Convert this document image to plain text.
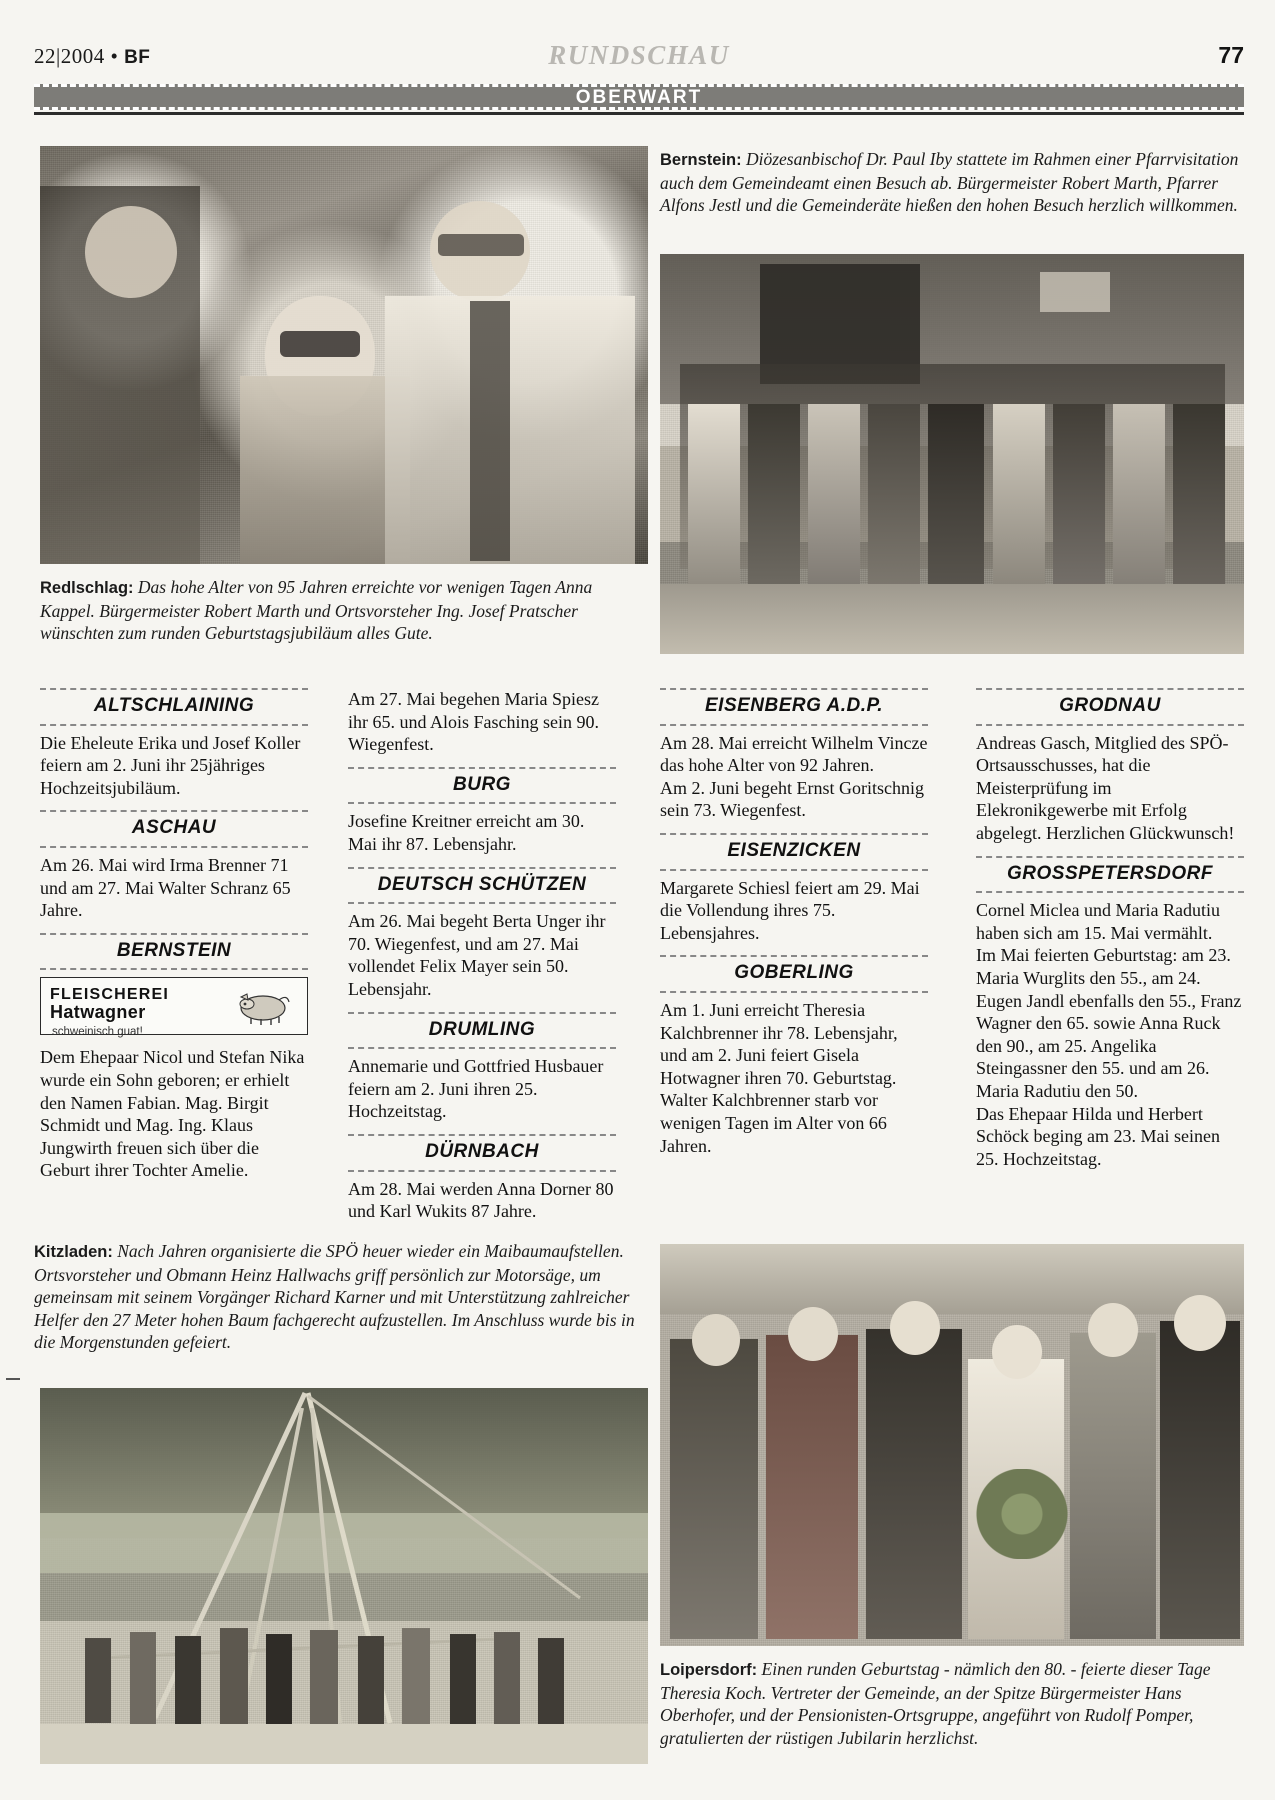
22|2004 • BF	RUNDSCHAU	77
OBERWART
Redlschlag: Das hohe Alter von 95 Jahren erreichte vor wenigen Tagen Anna Kappel. Bürgermeister Robert Marth und Ortsvorsteher Ing. Josef Pratscher wünschten zum runden Geburtstagsjubiläum alles Gute.
Bernstein: Diözesanbischof Dr. Paul Iby stattete im Rahmen einer Pfarrvisitation auch dem Gemeindeamt einen Besuch ab. Bürgermeister Robert Marth, Pfarrer Alfons Jestl und die Gemeinderäte hießen den hohen Besuch herzlich willkommen.
ALTSCHLAINING

Die Eheleute Erika und Josef Koller feiern am 2. Juni ihr 25jähriges Hochzeitsjubiläum.

ASCHAU

Am 26. Mai wird Irma Brenner 71 und am 27. Mai Walter Schranz 65 Jahre.

BERNSTEIN
FLEISCHEREI
Hatwagner
schweinisch guat!

Dem Ehepaar Nicol und Stefan Nika wurde ein Sohn geboren; er erhielt den Namen Fabian. Mag. Birgit Schmidt und Mag. Ing. Klaus Jungwirth freuen sich über die Geburt ihrer Tochter Amelie.

Am 27. Mai begehen Maria Spiesz ihr 65. und Alois Fasching sein 90. Wiegenfest.

BURG

Josefine Kreitner erreicht am 30. Mai ihr 87. Lebensjahr.

DEUTSCH SCHÜTZEN

Am 26. Mai begeht Berta Unger ihr 70. Wiegenfest, und am 27. Mai vollendet Felix Mayer sein 50. Lebensjahr.

DRUMLING

Annemarie und Gottfried Husbauer feiern am 2. Juni ihren 25. Hochzeitstag.

DÜRNBACH

Am 28. Mai werden Anna Dorner 80 und Karl Wukits 87 Jahre.

EISENBERG A.D.P.

Am 28. Mai erreicht Wilhelm Vincze das hohe Alter von 92 Jahren.

Am 2. Juni begeht Ernst Goritschnig sein 73. Wiegenfest.

EISENZICKEN

Margarete Schiesl feiert am 29. Mai die Vollendung ihres 75. Lebensjahres.

GOBERLING

Am 1. Juni erreicht Theresia Kalchbrenner ihr 78. Lebensjahr, und am 2. Juni feiert Gisela Hotwagner ihren 70. Geburtstag.

Walter Kalchbrenner starb vor wenigen Tagen im Alter von 66 Jahren.

GRODNAU

Andreas Gasch, Mitglied des SPÖ-Ortsausschusses, hat die Meisterprüfung im Elekronikgewerbe mit Erfolg abgelegt. Herzlichen Glückwunsch!

GROSSPETERSDORF

Cornel Miclea und Maria Radutiu haben sich am 15. Mai vermählt.

Im Mai feierten Geburtstag: am 23. Maria Wurglits den 55., am 24. Eugen Jandl ebenfalls den 55., Franz Wagner den 65. sowie Anna Ruck den 90., am 25. Angelika Steingassner den 55. und am 26. Maria Radutiu den 50.

Das Ehepaar Hilda und Herbert Schöck beging am 23. Mai seinen 25. Hochzeitstag.

Kitzladen: Nach Jahren organisierte die SPÖ heuer wieder ein Maibaumaufstellen. Ortsvorsteher und Obmann Heinz Hallwachs griff persönlich zur Motorsäge, um gemeinsam mit seinem Vorgänger Richard Karner und mit Unterstützung zahlreicher Helfer den 27 Meter hohen Baum fachgerecht aufzustellen. Im Anschluss wurde bis in die Morgenstunden gefeiert.
Loipersdorf: Einen runden Geburtstag - nämlich den 80. - feierte dieser Tage Theresia Koch. Vertreter der Gemeinde, an der Spitze Bürgermeister Hans Oberhofer, und der Pensionisten-Ortsgruppe, angeführt von Rudolf Pomper, gratulierten der rüstigen Jubilarin herzlichst.
